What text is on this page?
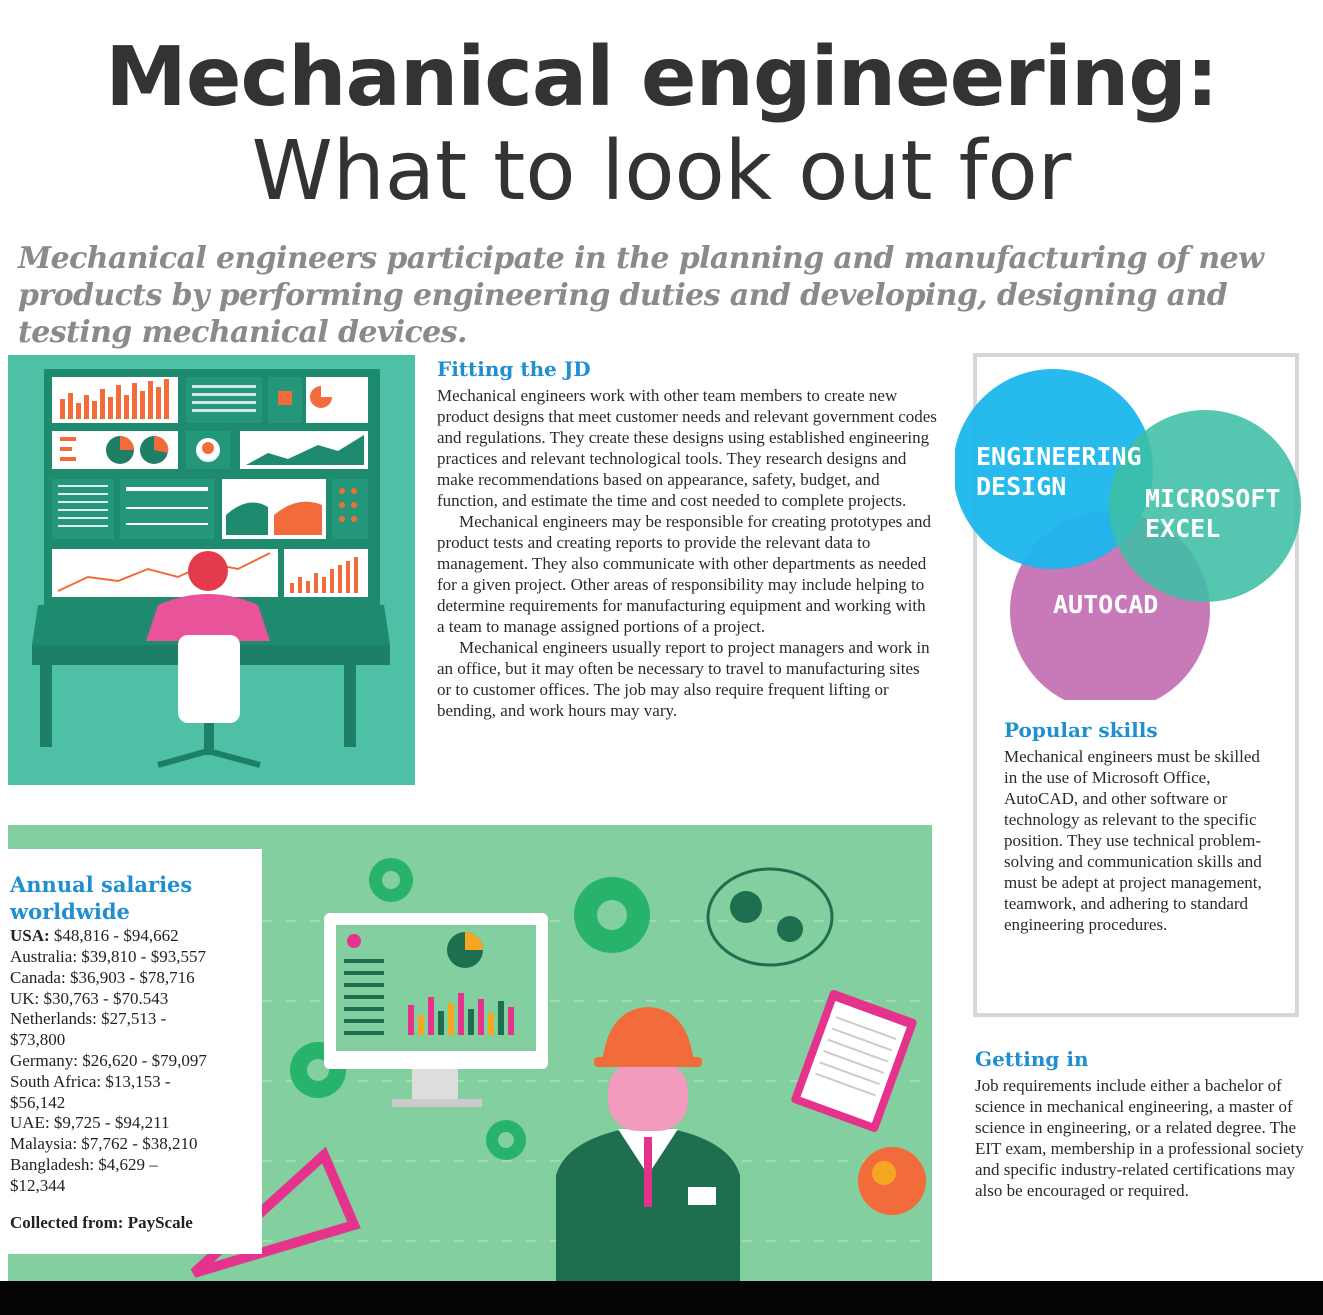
Mechanical engineering:
What to look out for
Mechanical engineers participate in the planning and manufacturing of new products by performing engineering duties and developing, designing and testing mechanical devices.
Fitting the JD

Mechanical engineers work with other team members to create new product designs that meet customer needs and relevant government codes and regulations. They create these designs using established engineering practices and relevant technological tools. They research designs and make recommendations based on appearance, safety, budget, and function, and estimate the time and cost needed to complete projects.

Mechanical engineers may be responsible for creating prototypes and product tests and creating reports to provide the relevant data to management. They also communicate with other departments as needed for a given project. Other areas of responsibility may include helping to determine requirements for manufacturing equipment and working with a team to manage assigned portions of a project.

Mechanical engineers usually report to project managers and work in an office, but it may often be necessary to travel to manufacturing sites or to customer offices. The job may also require frequent lifting or bending, and work hours may vary.

ENGINEERING
DESIGN	MICROSOFT
EXCEL
AUTOCAD
Popular skills
Mechanical engineers must be skilled in the use of Microsoft Office, AutoCAD, and other software or technology as relevant to the specific position. They use technical problem-solving and communication skills and must be adept at project management, teamwork, and adhering to standard engineering procedures.
Getting in
Job requirements include either a bachelor of science in mechanical engineering, a master of science in engineering, or a related degree. The EIT exam, membership in a professional society and specific industry-related certifications may also be encouraged or required.
Annual salaries
worldwide
USA: $48,816 - $94,662
Australia: $39,810 - $93,557
Canada: $36,903 - $78,716
UK: $30,763 - $70.543
Netherlands: $27,513 -
$73,800
Germany: $26,620 - $79,097
South Africa: $13,153 -
$56,142
UAE: $9,725 - $94,211
Malaysia: $7,762 - $38,210
Bangladesh: $4,629 –
$12,344
Collected from: PayScale
